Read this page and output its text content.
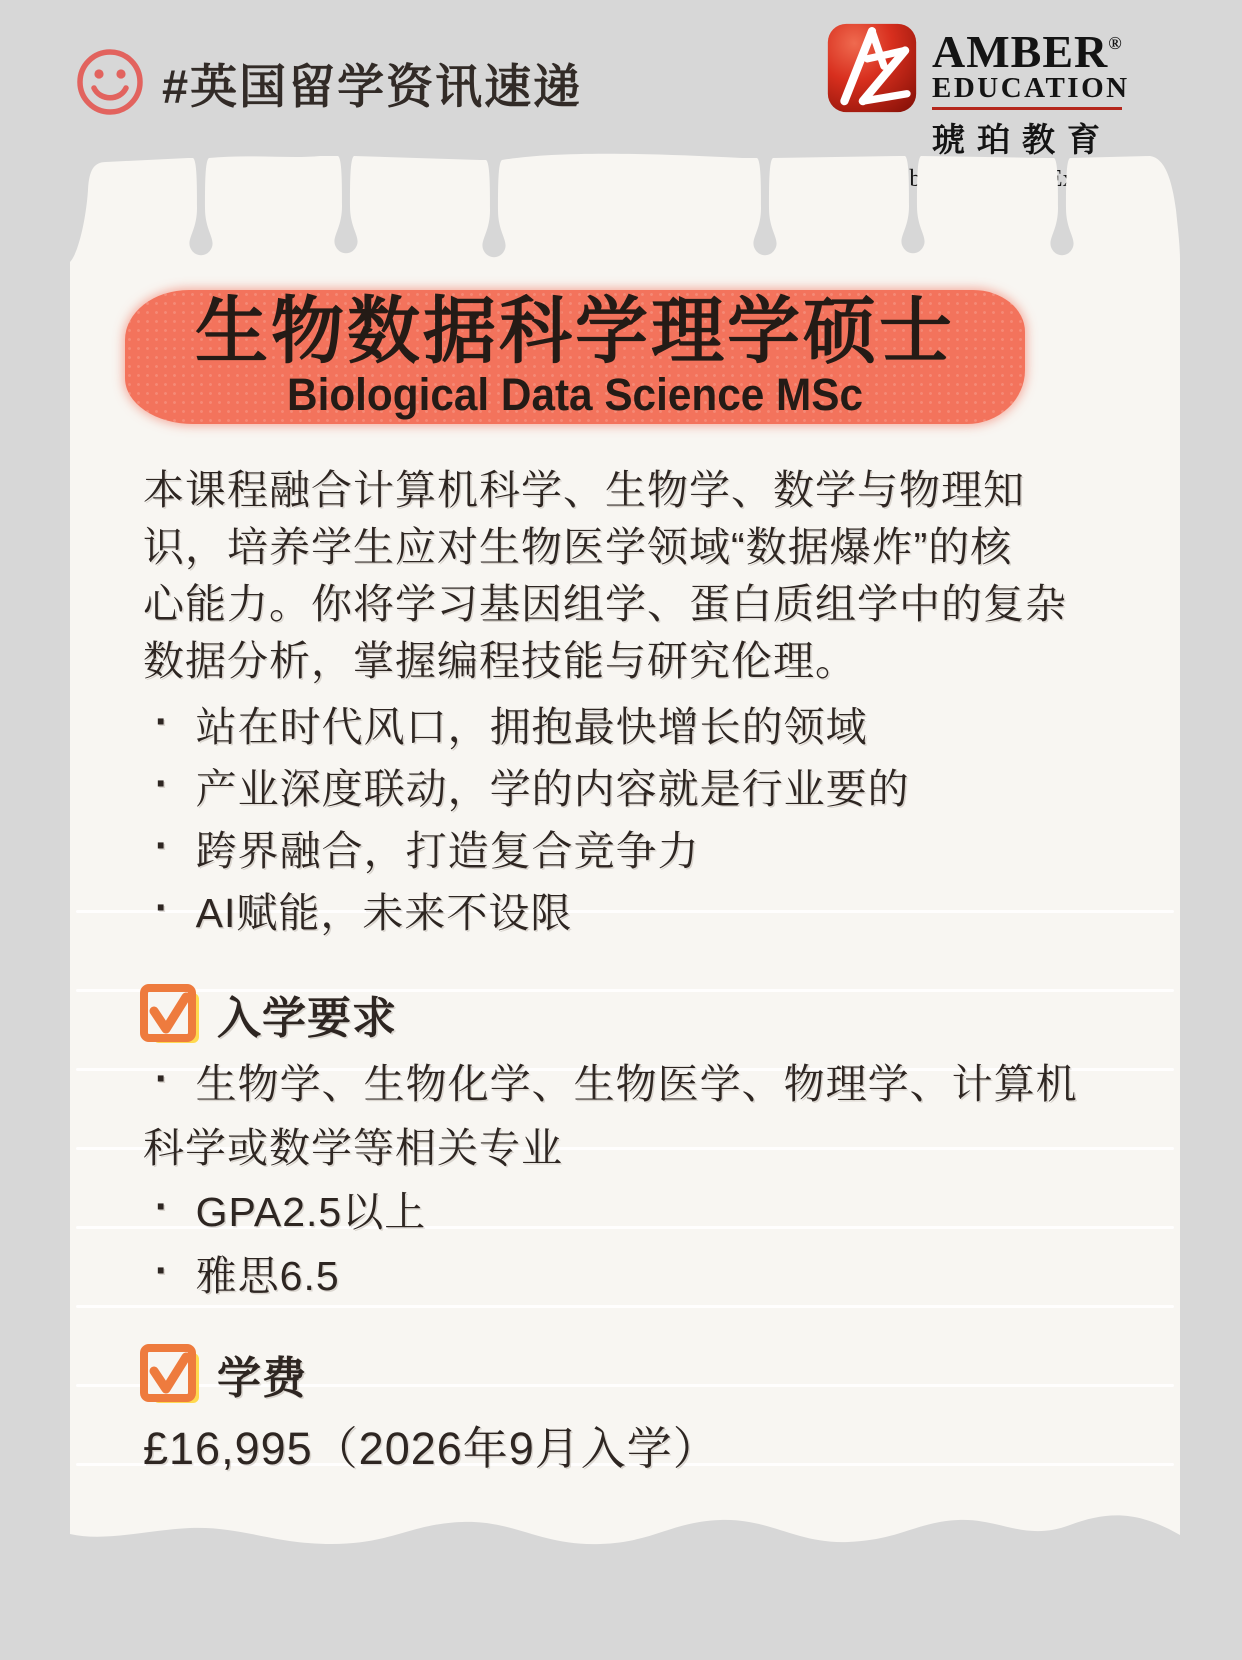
#英国留学资讯速递
AMBER®
EDUCATION
琥珀教育
生物数据科学理学硕士
Biological Data Science MSc
本课程融合计算机科学、生物学、数学与物理知
识，培养学生应对生物医学领域“数据爆炸”的核
心能力。你将学习基因组学、蛋白质组学中的复杂
数据分析，掌握编程技能与研究伦理。
· 站在时代风口，拥抱最快增长的领域
· 产业深度联动，学的内容就是行业要的
· 跨界融合，打造复合竞争力
· AI赋能，未来不设限
入学要求
· 生物学、生物化学、生物医学、物理学、计算机科学或数学等相关专业
· GPA2.5以上
· 雅思6.5
学费
£16,995（2026年9月入学）
